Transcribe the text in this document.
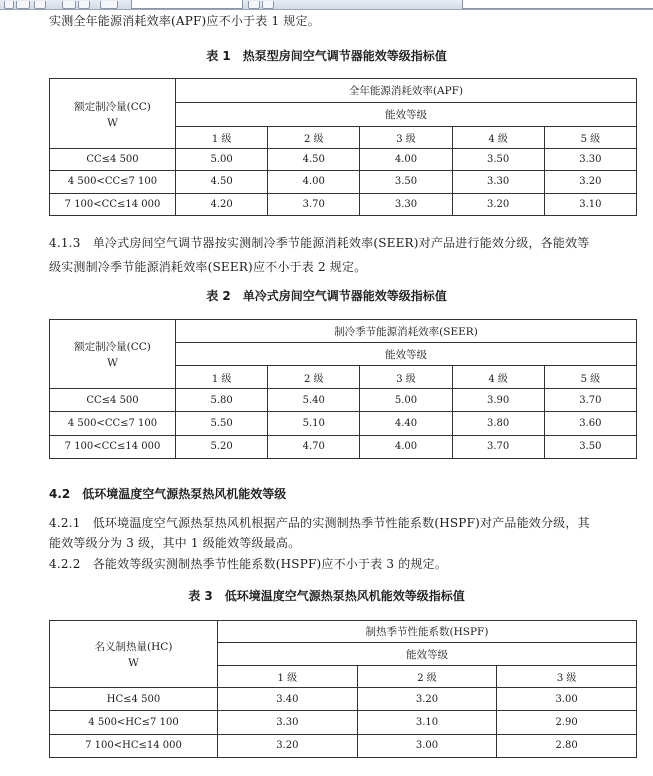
实测全年能源消耗效率(APF)应不小于表 1 规定。
表 1　热泵型房间空气调节器能效等级指标值
额定制冷量(CC)
W	全年能源消耗效率(APF)				
	能效等级				
	1 级	2 级	3 级	4 级	5 级
CC≤4 500	5.00	4.50	4.00	3.50	3.30
4 500<CC≤7 100	4.50	4.00	3.50	3.30	3.20
7 100<CC≤14 000	4.20	3.70	3.30	3.20	3.10
4.1.3　单冷式房间空气调节器按实测制冷季节能源消耗效率(SEER)对产品进行能效分级，各能效等
级实测制冷季节能源消耗效率(SEER)应不小于表 2 规定。
表 2　单冷式房间空气调节器能效等级指标值
额定制冷量(CC)
W	制冷季节能源消耗效率(SEER)				
	能效等级				
	1 级	2 级	3 级	4 级	5 级
CC≤4 500	5.80	5.40	5.00	3.90	3.70
4 500<CC≤7 100	5.50	5.10	4.40	3.80	3.60
7 100<CC≤14 000	5.20	4.70	4.00	3.70	3.50
4.2　低环境温度空气源热泵热风机能效等级
4.2.1　低环境温度空气源热泵热风机根据产品的实测制热季节性能系数(HSPF)对产品能效分级，其
能效等级分为 3 级，其中 1 级能效等级最高。
4.2.2　各能效等级实测制热季节性能系数(HSPF)应不小于表 3 的规定。
表 3　低环境温度空气源热泵热风机能效等级指标值
名义制热量(HC)
W	制热季节性能系数(HSPF)		
	能效等级		
	1 级	2 级	3 级
HC≤4 500	3.40	3.20	3.00
4 500<HC≤7 100	3.30	3.10	2.90
7 100<HC≤14 000	3.20	3.00	2.80
